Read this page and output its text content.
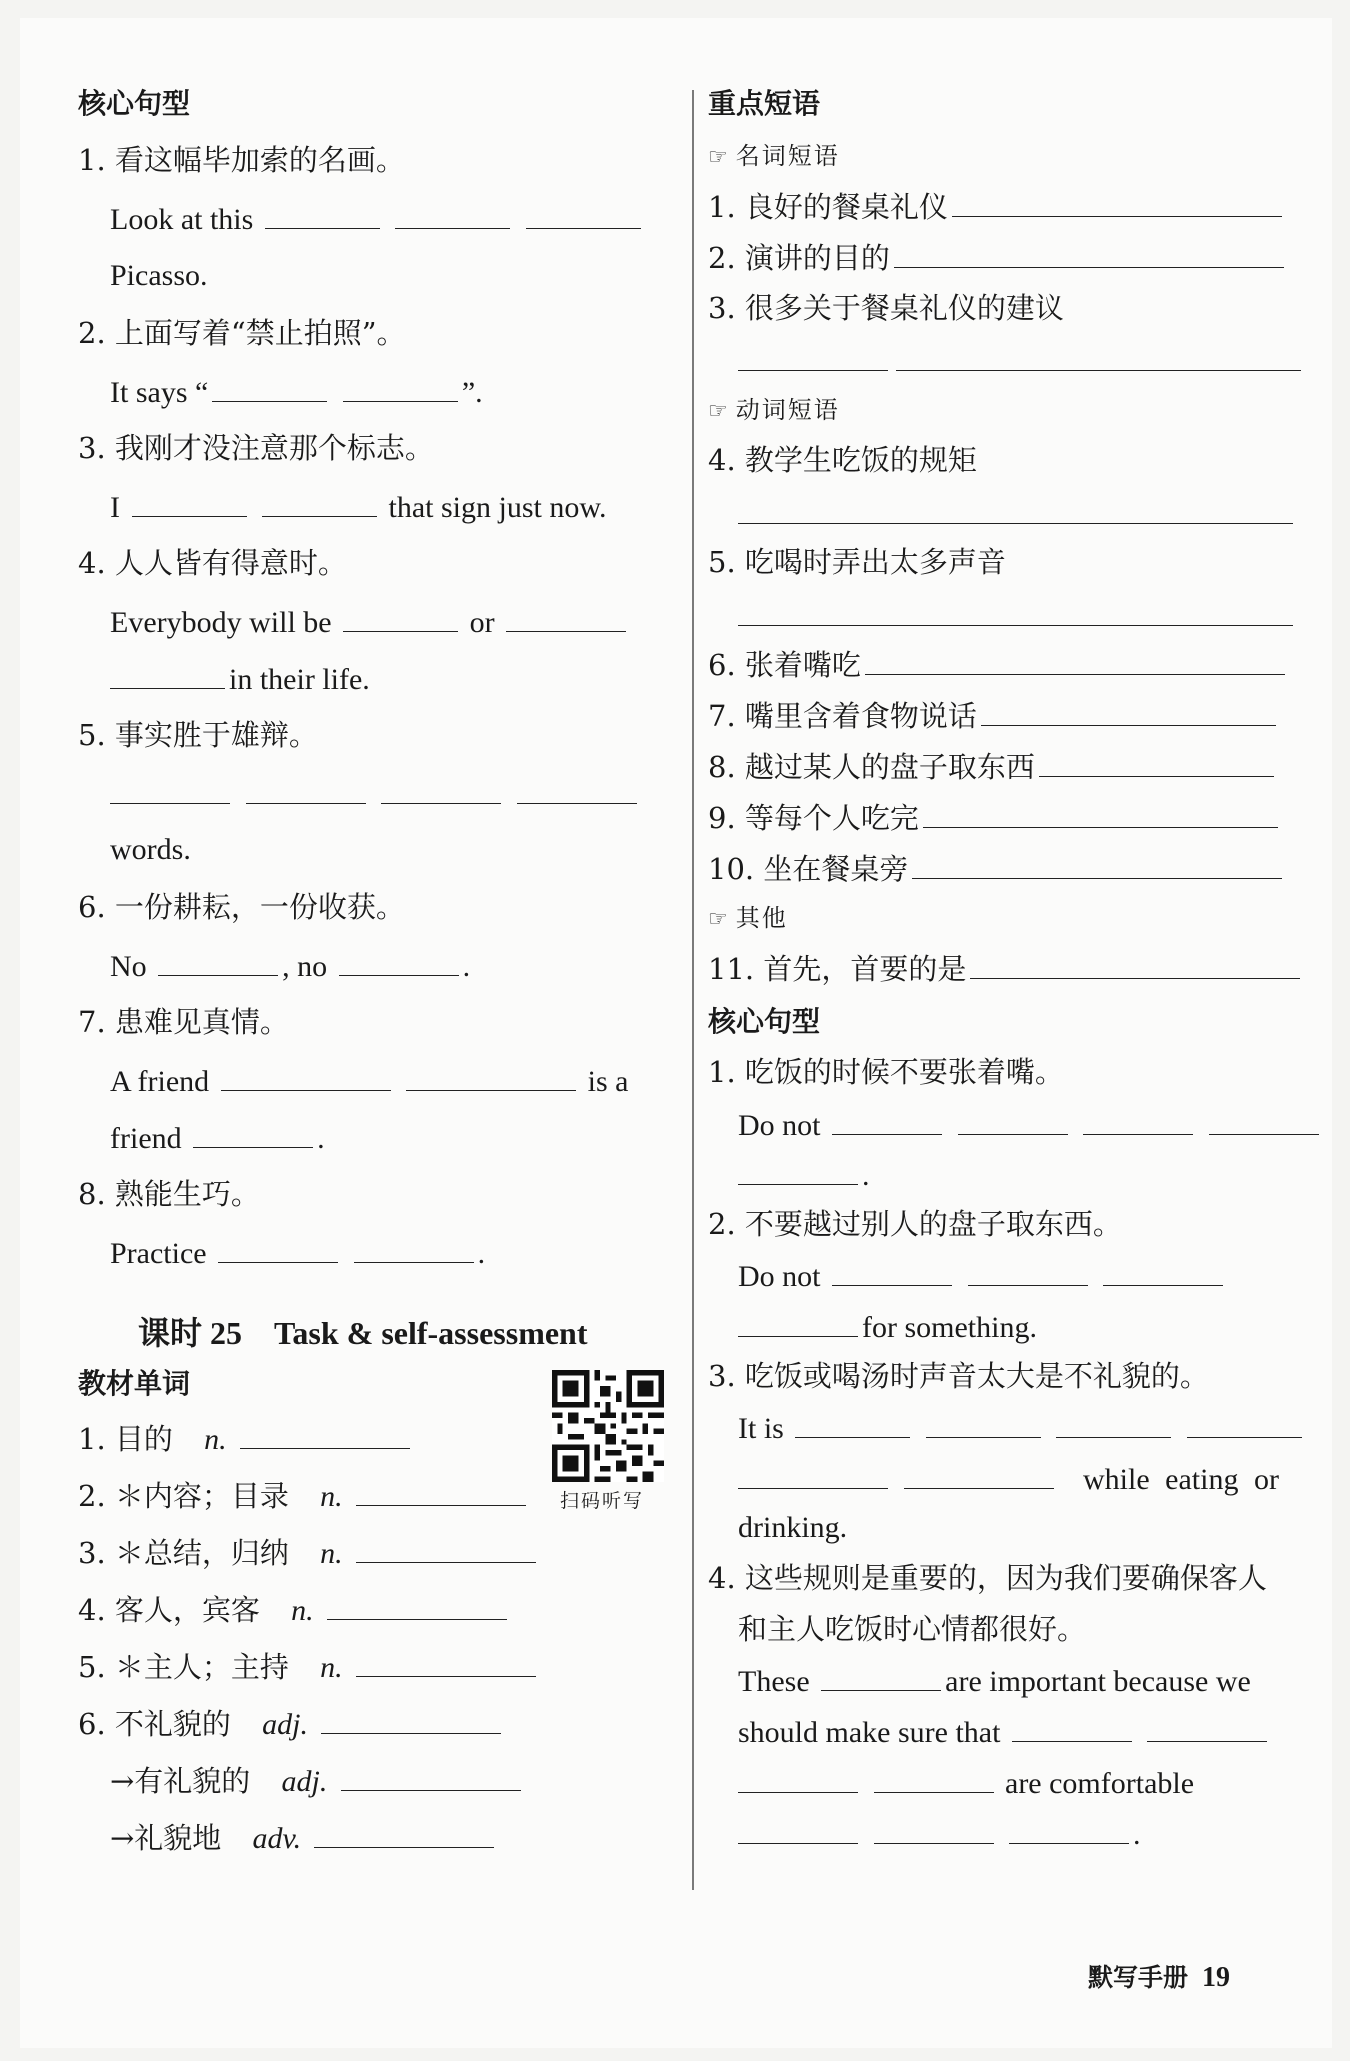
核心句型
1. 看这幅毕加索的名画。
Look at this
Picasso.
2. 上面写着“禁止拍照”。
It says “	”.
3. 我刚才没注意那个标志。
I	that sign just now.
4. 人人皆有得意时。
Everybody will be	or
in their life.
5. 事实胜于雄辩。

words.
6. 一份耕耘，一份收获。
No	, no	.
7. 患难见真情。
A friend	is a
friend	.
8. 熟能生巧。
Practice	.
课时 25　Task & self-assessment
教材单词
1. 目的 n.
2. ＊内容；目录 n.
3. ＊总结，归纳 n.
4. 客人，宾客 n.
5. ＊主人；主持 n.
6. 不礼貌的 adj.
→有礼貌的 adj.
→礼貌地 adv.
扫码听写
重点短语
☞ 名词短语
1. 良好的餐桌礼仪
2. 演讲的目的
3. 很多关于餐桌礼仪的建议
☞ 动词短语
4. 教学生吃饭的规矩
5. 吃喝时弄出太多声音
6. 张着嘴吃
7. 嘴里含着食物说话
8. 越过某人的盘子取东西
9. 等每个人吃完
10. 坐在餐桌旁
☞ 其他
11. 首先，首要的是
核心句型
1. 吃饭的时候不要张着嘴。
Do not
.
2. 不要越过别人的盘子取东西。
Do not
for something.
3. 吃饭或喝汤时声音太大是不礼貌的。
It is
while eating or
drinking.
4. 这些规则是重要的，因为我们要确保客人
和主人吃饭时心情都很好。
These	are important because we
should make sure that
are comfortable
.
默写手册 19
